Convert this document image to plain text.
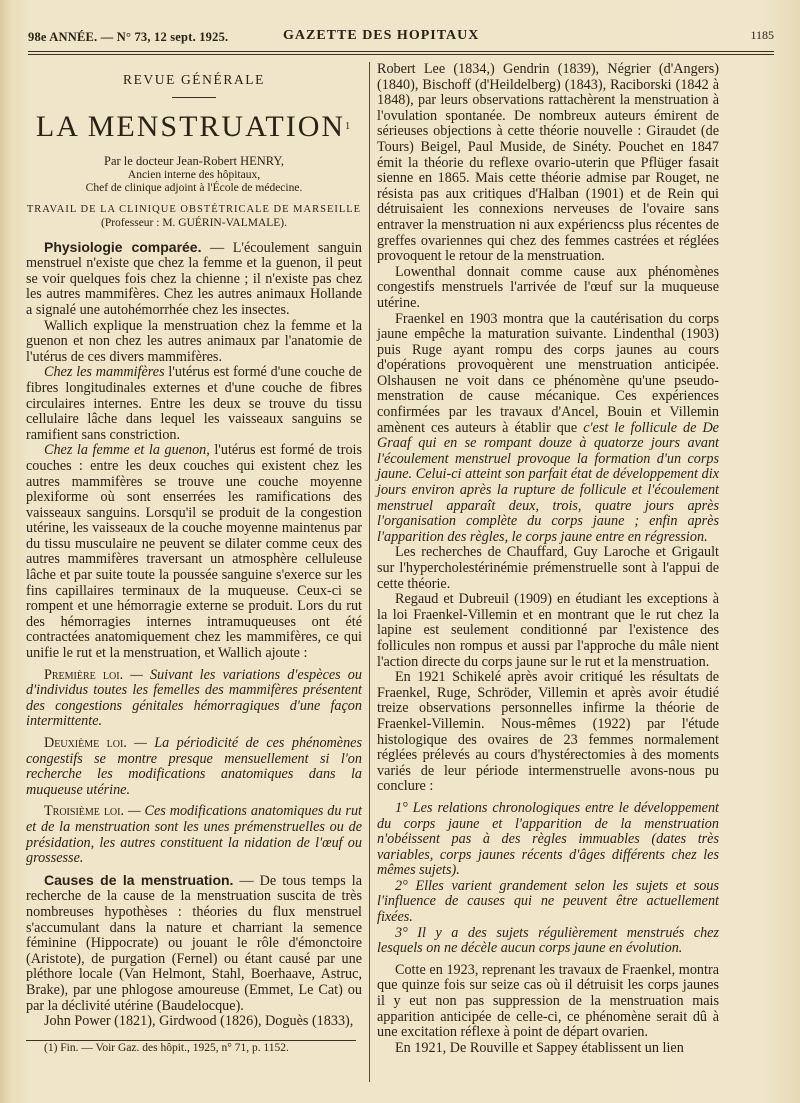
98e ANNÉE. — N° 73, 12 sept. 1925.	GAZETTE DES HOPITAUX	1185
REVUE GÉNÉRALE
LA MENSTRUATION$^1$
Par le docteur Jean-Robert HENRY,
Ancien interne des hôpitaux,
Chef de clinique adjoint à l'École de médecine.
TRAVAIL DE LA CLINIQUE OBSTÉTRICALE DE MARSEILLE
(Professeur : M. GUÉRIN-VALMALE).

Physiologie comparée. — L'écoulement sanguin menstruel n'existe que chez la femme et la guenon, il peut se voir quelques fois chez la chienne ; il n'existe pas chez les autres mammifères. Chez les autres animaux Hollande a signalé une autohémorrhée chez les insectes.

Wallich explique la menstruation chez la femme et la guenon et non chez les autres animaux par l'anatomie de l'utérus de ces divers mammifères.

Chez les mammifères l'utérus est formé d'une couche de fibres longitudinales externes et d'une couche de fibres circulaires internes. Entre les deux se trouve du tissu cellulaire lâche dans lequel les vaisseaux sanguins se ramifient sans constriction.

Chez la femme et la guenon, l'utérus est formé de trois couches : entre les deux couches qui existent chez les autres mammifères se trouve une couche moyenne plexiforme où sont enserrées les ramifications des vaisseaux sanguins. Lorsqu'il se produit de la congestion utérine, les vaisseaux de la couche moyenne maintenus par du tissu musculaire ne peuvent se dilater comme ceux des autres mammifères traversant un atmosphère celluleuse lâche et par suite toute la poussée sanguine s'exerce sur les fins capillaires terminaux de la muqueuse. Ceux-ci se rompent et une hémorragie externe se produit. Lors du rut des hémorragies internes intramuqueuses ont été contractées anatomiquement chez les mammifères, ce qui unifie le rut et la menstruation, et Wallich ajoute :

Première loi. — Suivant les variations d'espèces ou d'individus toutes les femelles des mammifères présentent des congestions génitales hémorragiques d'une façon intermittente.

Deuxième loi. — La périodicité de ces phénomènes congestifs se montre presque mensuellement si l'on recherche les modifications anatomiques dans la muqueuse utérine.

Troisième loi. — Ces modifications anatomiques du rut et de la menstruation sont les unes prémenstruelles ou de présidation, les autres constituent la nidation de l'œuf ou grossesse.

Causes de la menstruation. — De tous temps la recherche de la cause de la menstruation suscita de très nombreuses hypothèses : théories du flux menstruel s'accumulant dans la nature et charriant la semence féminine (Hippocrate) ou jouant le rôle d'émonctoire (Aristote), de purgation (Fernel) ou étant causé par une pléthore locale (Van Helmont, Stahl, Boerhaave, Astruc, Brake), par une phlogose amoureuse (Emmet, Le Cat) ou par la déclivité utérine (Baudelocque).

John Power (1821), Girdwood (1826), Doguès (1833),

(1) Fin. — Voir Gaz. des hôpit., 1925, n° 71, p. 1152.

Robert Lee (1834,) Gendrin (1839), Négrier (d'Angers) (1840), Bischoff (d'Heildelberg) (1843), Raciborski (1842 à 1848), par leurs observations rattachèrent la menstruation à l'ovulation spontanée. De nombreux auteurs émirent de sérieuses objections à cette théorie nouvelle : Giraudet (de Tours) Beigel, Paul Muside, de Sinéty. Pouchet en 1847 émit la théorie du reflexe ovario-uterin que Pflüger fasait sienne en 1865. Mais cette théorie admise par Rouget, ne résista pas aux critiques d'Halban (1901) et de Rein qui détruisaient les connexions nerveuses de l'ovaire sans entraver la menstruation ni aux expériencss plus récentes de greffes ovariennes qui chez des femmes castrées et réglées provoquent le retour de la menstruation.

Lowenthal donnait comme cause aux phénomènes congestifs menstruels l'arrivée de l'œuf sur la muqueuse utérine.

Fraenkel en 1903 montra que la cautérisation du corps jaune empêche la maturation suivante. Lindenthal (1903) puis Ruge ayant rompu des corps jaunes au cours d'opérations provoquèrent une menstruation anticipée. Olshausen ne voit dans ce phénomène qu'une pseudo-menstration de cause mécanique. Ces expériences confirmées par les travaux d'Ancel, Bouin et Villemin amènent ces auteurs à établir que c'est le follicule de De Graaf qui en se rompant douze à quatorze jours avant l'écoulement menstruel provoque la formation d'un corps jaune. Celui-ci atteint son parfait état de développement dix jours environ après la rupture de follicule et l'écoulement menstruel apparaît deux, trois, quatre jours après l'organisation complète du corps jaune ; enfin après l'apparition des règles, le corps jaune entre en régression.

Les recherches de Chauffard, Guy Laroche et Grigault sur l'hypercholestérinémie prémenstruelle sont à l'appui de cette théorie.

Regaud et Dubreuil (1909) en étudiant les exceptions à la loi Fraenkel-Villemin et en montrant que le rut chez la lapine est seulement conditionné par l'existence des follicules non rompus et aussi par l'approche du mâle nient l'action directe du corps jaune sur le rut et la menstruation.

En 1921 Schikelé après avoir critiqué les résultats de Fraenkel, Ruge, Schröder, Villemin et après avoir étudié treize observations personnelles infirme la théorie de Fraenkel-Villemin. Nous-mêmes (1922) par l'étude histologique des ovaires de 23 femmes normalement réglées prélevés au cours d'hystérectomies à des moments variés de leur période intermenstruelle avons-nous pu conclure :

1° Les relations chronologiques entre le développement du corps jaune et l'apparition de la menstruation n'obéissent pas à des règles immuables (dates très variables, corps jaunes récents d'âges différents chez les mêmes sujets).

2° Elles varient grandement selon les sujets et sous l'influence de causes qui ne peuvent être actuellement fixées.

3° Il y a des sujets régulièrement menstrués chez lesquels on ne décèle aucun corps jaune en évolution.

Cotte en 1923, reprenant les travaux de Fraenkel, montra que quinze fois sur seize cas où il détruisit les corps jaunes il y eut non pas suppression de la menstruation mais apparition anticipée de celle-ci, ce phénomène serait dû à une excitation réflexe à point de départ ovarien.

En 1921, De Rouville et Sappey établissent un lien
